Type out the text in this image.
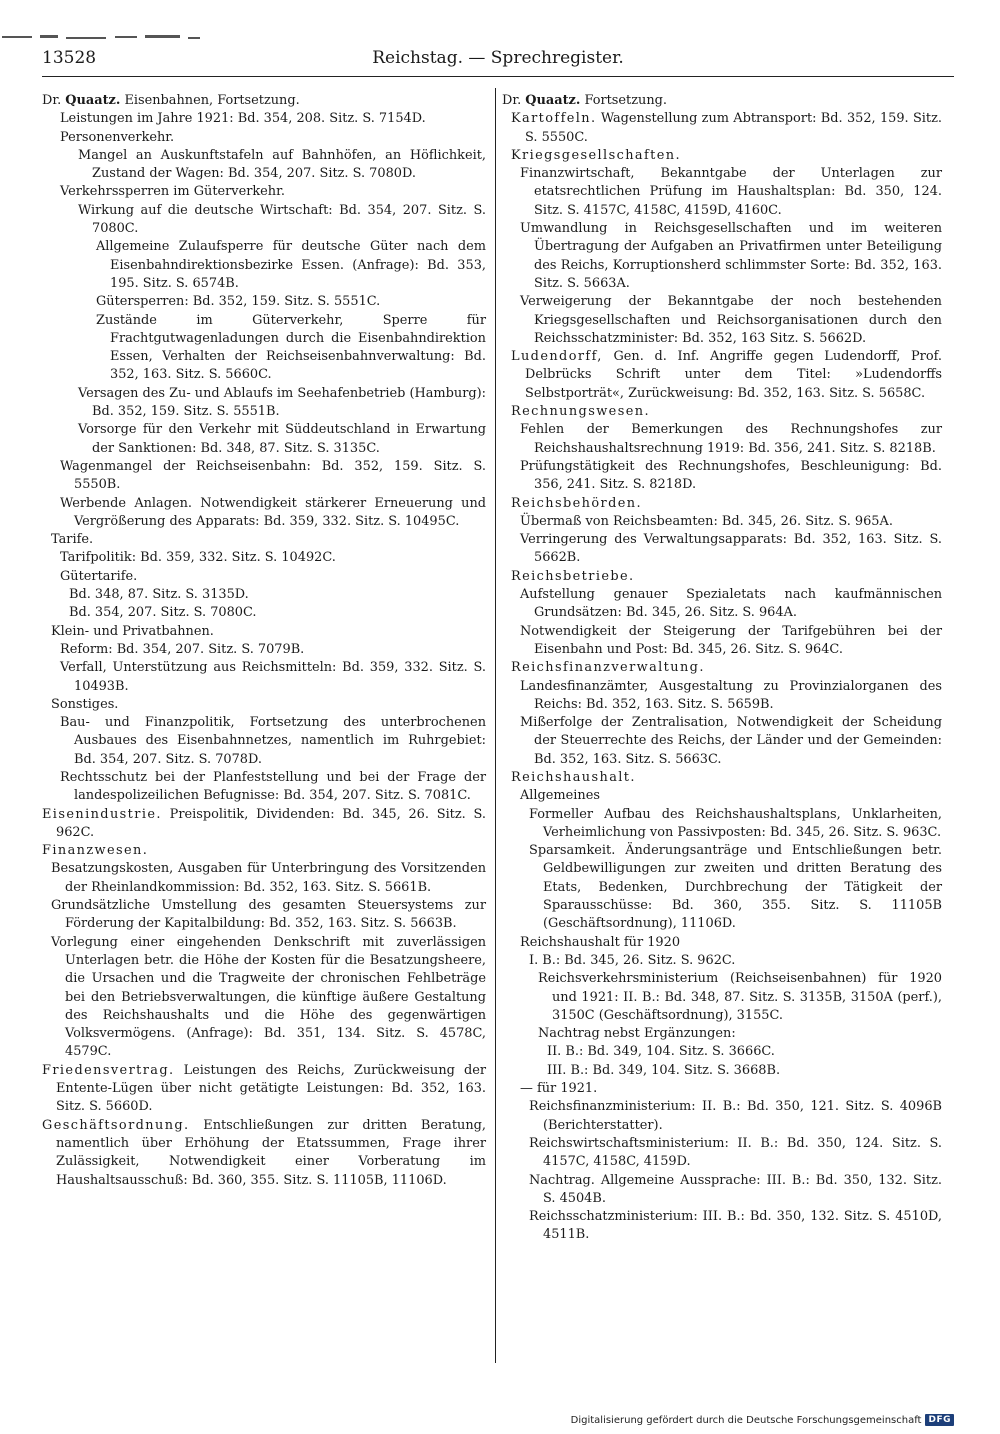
13528	Reichstag. — Sprechregister.

Dr. Quaatz. Eisenbahnen, Fortsetzung.

Leistungen im Jahre 1921: Bd. 354, 208. Sitz. S. 7154D.

Personenverkehr.

Mangel an Auskunftstafeln auf Bahnhöfen, an Höflichkeit, Zustand der Wagen: Bd. 354, 207. Sitz. S. 7080D.

Verkehrssperren im Güterverkehr.

Wirkung auf die deutsche Wirtschaft: Bd. 354, 207. Sitz. S. 7080C.

Allgemeine Zulaufsperre für deutsche Güter nach dem Eisenbahndirektionsbezirke Essen. (Anfrage): Bd. 353, 195. Sitz. S. 6574B.

Gütersperren: Bd. 352, 159. Sitz. S. 5551C.

Zustände im Güterverkehr, Sperre für Frachtgutwagenladungen durch die Eisenbahndirektion Essen, Verhalten der Reichseisenbahnverwaltung: Bd. 352, 163. Sitz. S. 5660C.

Versagen des Zu- und Ablaufs im Seehafenbetrieb (Hamburg): Bd. 352, 159. Sitz. S. 5551B.

Vorsorge für den Verkehr mit Süddeutschland in Erwartung der Sanktionen: Bd. 348, 87. Sitz. S. 3135C.

Wagenmangel der Reichseisenbahn: Bd. 352, 159. Sitz. S. 5550B.

Werbende Anlagen. Notwendigkeit stärkerer Erneuerung und Vergrößerung des Apparats: Bd. 359, 332. Sitz. S. 10495C.

Tarife.

Tarifpolitik: Bd. 359, 332. Sitz. S. 10492C.

Gütertarife.

Bd. 348, 87. Sitz. S. 3135D.

Bd. 354, 207. Sitz. S. 7080C.

Klein- und Privatbahnen.

Reform: Bd. 354, 207. Sitz. S. 7079B.

Verfall, Unterstützung aus Reichsmitteln: Bd. 359, 332. Sitz. S. 10493B.

Sonstiges.

Bau- und Finanzpolitik, Fortsetzung des unterbrochenen Ausbaues des Eisenbahnnetzes, namentlich im Ruhrgebiet: Bd. 354, 207. Sitz. S. 7078D.

Rechtsschutz bei der Planfeststellung und bei der Frage der landespolizeilichen Befugnisse: Bd. 354, 207. Sitz. S. 7081C.

Eisenindustrie. Preispolitik, Dividenden: Bd. 345, 26. Sitz. S. 962C.

Finanzwesen.

Besatzungskosten, Ausgaben für Unterbringung des Vorsitzenden der Rheinlandkommission: Bd. 352, 163. Sitz. S. 5661B.

Grundsätzliche Umstellung des gesamten Steuersystems zur Förderung der Kapitalbildung: Bd. 352, 163. Sitz. S. 5663B.

Vorlegung einer eingehenden Denkschrift mit zuverlässigen Unterlagen betr. die Höhe der Kosten für die Besatzungsheere, die Ursachen und die Tragweite der chronischen Fehlbeträge bei den Betriebsverwaltungen, die künftige äußere Gestaltung des Reichshaushalts und die Höhe des gegenwärtigen Volksvermögens. (Anfrage): Bd. 351, 134. Sitz. S. 4578C, 4579C.

Friedensvertrag. Leistungen des Reichs, Zurückweisung der Entente-Lügen über nicht getätigte Leistungen: Bd. 352, 163. Sitz. S. 5660D.

Geschäftsordnung. Entschließungen zur dritten Beratung, namentlich über Erhöhung der Etatssummen, Frage ihrer Zulässigkeit, Notwendigkeit einer Vorberatung im Haushaltsausschuß: Bd. 360, 355. Sitz. S. 11105B, 11106D.

Dr. Quaatz. Fortsetzung.

Kartoffeln. Wagenstellung zum Abtransport: Bd. 352, 159. Sitz. S. 5550C.

Kriegsgesellschaften.

Finanzwirtschaft, Bekanntgabe der Unterlagen zur etatsrechtlichen Prüfung im Haushaltsplan: Bd. 350, 124. Sitz. S. 4157C, 4158C, 4159D, 4160C.

Umwandlung in Reichsgesellschaften und im weiteren Übertragung der Aufgaben an Privatfirmen unter Beteiligung des Reichs, Korruptionsherd schlimmster Sorte: Bd. 352, 163. Sitz. S. 5663A.

Verweigerung der Bekanntgabe der noch bestehenden Kriegsgesellschaften und Reichsorganisationen durch den Reichsschatzminister: Bd. 352, 163 Sitz. S. 5662D.

Ludendorff, Gen. d. Inf. Angriffe gegen Ludendorff, Prof. Delbrücks Schrift unter dem Titel: »Ludendorffs Selbstporträt«, Zurückweisung: Bd. 352, 163. Sitz. S. 5658C.

Rechnungswesen.

Fehlen der Bemerkungen des Rechnungshofes zur Reichshaushaltsrechnung 1919: Bd. 356, 241. Sitz. S. 8218B.

Prüfungstätigkeit des Rechnungshofes, Beschleunigung: Bd. 356, 241. Sitz. S. 8218D.

Reichsbehörden.

Übermaß von Reichsbeamten: Bd. 345, 26. Sitz. S. 965A.

Verringerung des Verwaltungsapparats: Bd. 352, 163. Sitz. S. 5662B.

Reichsbetriebe.

Aufstellung genauer Spezialetats nach kaufmännischen Grundsätzen: Bd. 345, 26. Sitz. S. 964A.

Notwendigkeit der Steigerung der Tarifgebühren bei der Eisenbahn und Post: Bd. 345, 26. Sitz. S. 964C.

Reichsfinanzverwaltung.

Landesfinanzämter, Ausgestaltung zu Provinzialorganen des Reichs: Bd. 352, 163. Sitz. S. 5659B.

Mißerfolge der Zentralisation, Notwendigkeit der Scheidung der Steuerrechte des Reichs, der Länder und der Gemeinden: Bd. 352, 163. Sitz. S. 5663C.

Reichshaushalt.

Allgemeines

Formeller Aufbau des Reichshaushaltsplans, Unklarheiten, Verheimlichung von Passivposten: Bd. 345, 26. Sitz. S. 963C.

Sparsamkeit. Änderungsanträge und Entschließungen betr. Geldbewilligungen zur zweiten und dritten Beratung des Etats, Bedenken, Durchbrechung der Tätigkeit der Sparausschüsse: Bd. 360, 355. Sitz. S. 11105B (Geschäftsordnung), 11106D.

Reichshaushalt für 1920

I. B.: Bd. 345, 26. Sitz. S. 962C.

Reichsverkehrsministerium (Reichseisenbahnen) für 1920 und 1921: II. B.: Bd. 348, 87. Sitz. S. 3135B, 3150A (perf.), 3150C (Geschäftsordnung), 3155C.

Nachtrag nebst Ergänzungen:

II. B.: Bd. 349, 104. Sitz. S. 3666C.

III. B.: Bd. 349, 104. Sitz. S. 3668B.

— für 1921.

Reichsfinanzministerium: II. B.: Bd. 350, 121. Sitz. S. 4096B (Berichterstatter).

Reichswirtschaftsministerium: II. B.: Bd. 350, 124. Sitz. S. 4157C, 4158C, 4159D.

Nachtrag. Allgemeine Aussprache: III. B.: Bd. 350, 132. Sitz. S. 4504B.

Reichsschatzministerium: III. B.: Bd. 350, 132. Sitz. S. 4510D, 4511B.

Digitalisierung gefördert durch die Deutsche Forschungsgemeinschaft DFG
